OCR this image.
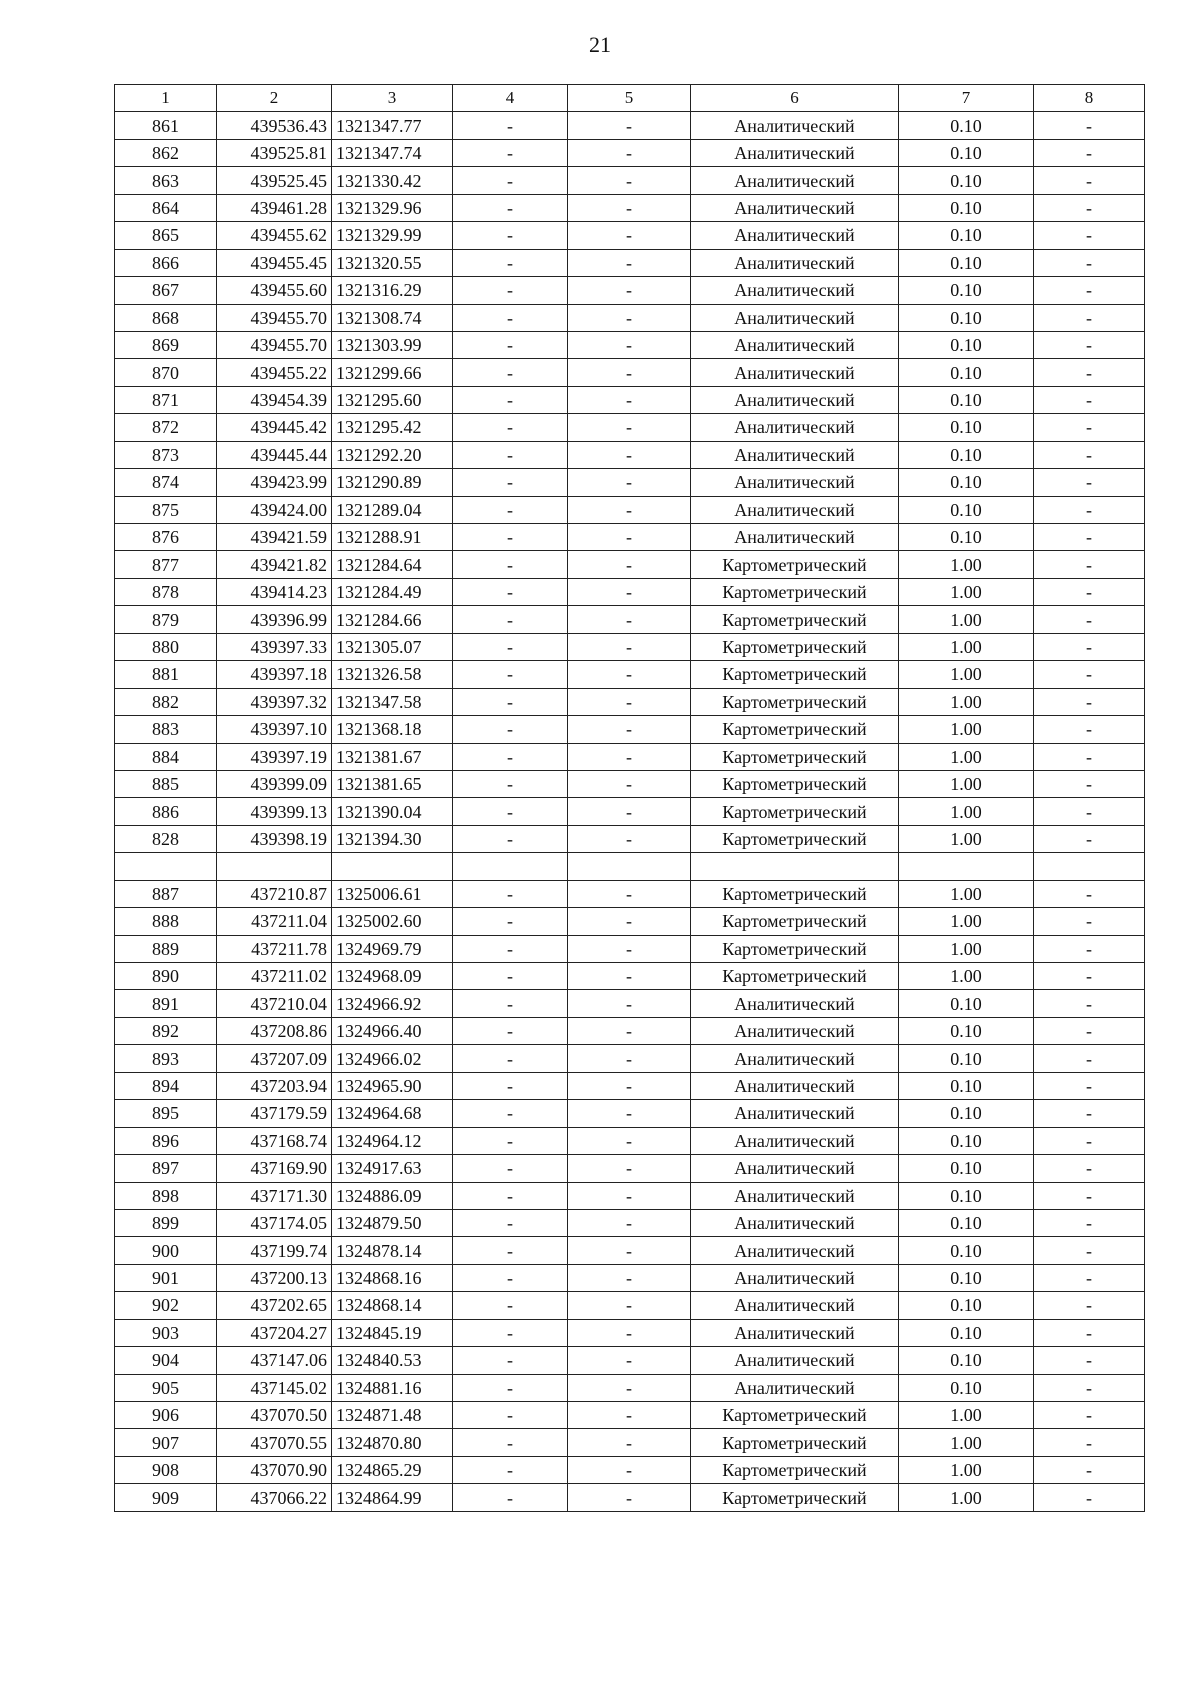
21
1	2	3	4	5	6	7	8
861	439536.43	1321347.77	-	-	Аналитический	0.10	-
862	439525.81	1321347.74	-	-	Аналитический	0.10	-
863	439525.45	1321330.42	-	-	Аналитический	0.10	-
864	439461.28	1321329.96	-	-	Аналитический	0.10	-
865	439455.62	1321329.99	-	-	Аналитический	0.10	-
866	439455.45	1321320.55	-	-	Аналитический	0.10	-
867	439455.60	1321316.29	-	-	Аналитический	0.10	-
868	439455.70	1321308.74	-	-	Аналитический	0.10	-
869	439455.70	1321303.99	-	-	Аналитический	0.10	-
870	439455.22	1321299.66	-	-	Аналитический	0.10	-
871	439454.39	1321295.60	-	-	Аналитический	0.10	-
872	439445.42	1321295.42	-	-	Аналитический	0.10	-
873	439445.44	1321292.20	-	-	Аналитический	0.10	-
874	439423.99	1321290.89	-	-	Аналитический	0.10	-
875	439424.00	1321289.04	-	-	Аналитический	0.10	-
876	439421.59	1321288.91	-	-	Аналитический	0.10	-
877	439421.82	1321284.64	-	-	Картометрический	1.00	-
878	439414.23	1321284.49	-	-	Картометрический	1.00	-
879	439396.99	1321284.66	-	-	Картометрический	1.00	-
880	439397.33	1321305.07	-	-	Картометрический	1.00	-
881	439397.18	1321326.58	-	-	Картометрический	1.00	-
882	439397.32	1321347.58	-	-	Картометрический	1.00	-
883	439397.10	1321368.18	-	-	Картометрический	1.00	-
884	439397.19	1321381.67	-	-	Картометрический	1.00	-
885	439399.09	1321381.65	-	-	Картометрический	1.00	-
886	439399.13	1321390.04	-	-	Картометрический	1.00	-
828	439398.19	1321394.30	-	-	Картометрический	1.00	-

887	437210.87	1325006.61	-	-	Картометрический	1.00	-
888	437211.04	1325002.60	-	-	Картометрический	1.00	-
889	437211.78	1324969.79	-	-	Картометрический	1.00	-
890	437211.02	1324968.09	-	-	Картометрический	1.00	-
891	437210.04	1324966.92	-	-	Аналитический	0.10	-
892	437208.86	1324966.40	-	-	Аналитический	0.10	-
893	437207.09	1324966.02	-	-	Аналитический	0.10	-
894	437203.94	1324965.90	-	-	Аналитический	0.10	-
895	437179.59	1324964.68	-	-	Аналитический	0.10	-
896	437168.74	1324964.12	-	-	Аналитический	0.10	-
897	437169.90	1324917.63	-	-	Аналитический	0.10	-
898	437171.30	1324886.09	-	-	Аналитический	0.10	-
899	437174.05	1324879.50	-	-	Аналитический	0.10	-
900	437199.74	1324878.14	-	-	Аналитический	0.10	-
901	437200.13	1324868.16	-	-	Аналитический	0.10	-
902	437202.65	1324868.14	-	-	Аналитический	0.10	-
903	437204.27	1324845.19	-	-	Аналитический	0.10	-
904	437147.06	1324840.53	-	-	Аналитический	0.10	-
905	437145.02	1324881.16	-	-	Аналитический	0.10	-
906	437070.50	1324871.48	-	-	Картометрический	1.00	-
907	437070.55	1324870.80	-	-	Картометрический	1.00	-
908	437070.90	1324865.29	-	-	Картометрический	1.00	-
909	437066.22	1324864.99	-	-	Картометрический	1.00	-
